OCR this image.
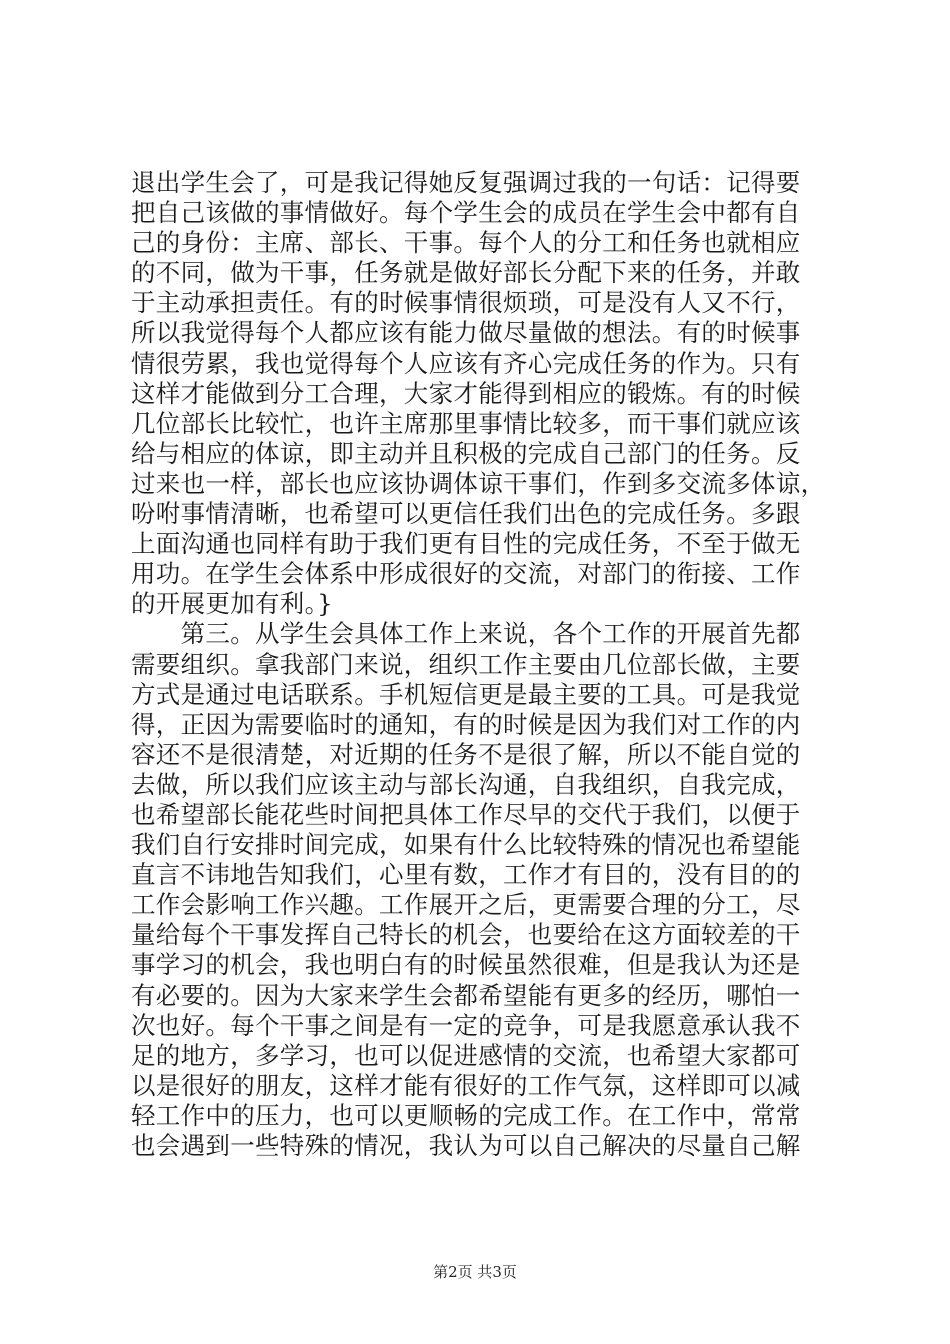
退出学生会了，可是我记得她反复强调过我的一句话：记得要
把自己该做的事情做好。每个学生会的成员在学生会中都有自
己的身份：主席、部长、干事。每个人的分工和任务也就相应
的不同，做为干事，任务就是做好部长分配下来的任务，并敢
于主动承担责任。有的时候事情很烦琐，可是没有人又不行，
所以我觉得每个人都应该有能力做尽量做的想法。有的时候事
情很劳累，我也觉得每个人应该有齐心完成任务的作为。只有
这样才能做到分工合理，大家才能得到相应的锻炼。有的时候
几位部长比较忙，也许主席那里事情比较多，而干事们就应该
给与相应的体谅，即主动并且积极的完成自己部门的任务。反
过来也一样，部长也应该协调体谅干事们，作到多交流多体谅，
吩咐事情清晰，也希望可以更信任我们出色的完成任务。多跟
上面沟通也同样有助于我们更有目性的完成任务，不至于做无
用功。在学生会体系中形成很好的交流，对部门的衔接、工作
的开展更加有利。}
　　第三。从学生会具体工作上来说，各个工作的开展首先都
需要组织。拿我部门来说，组织工作主要由几位部长做，主要
方式是通过电话联系。手机短信更是最主要的工具。可是我觉
得，正因为需要临时的通知，有的时候是因为我们对工作的内
容还不是很清楚，对近期的任务不是很了解，所以不能自觉的
去做，所以我们应该主动与部长沟通，自我组织，自我完成，
也希望部长能花些时间把具体工作尽早的交代于我们，以便于
我们自行安排时间完成，如果有什么比较特殊的情况也希望能
直言不讳地告知我们，心里有数，工作才有目的，没有目的的
工作会影响工作兴趣。工作展开之后，更需要合理的分工，尽
量给每个干事发挥自己特长的机会，也要给在这方面较差的干
事学习的机会，我也明白有的时候虽然很难，但是我认为还是
有必要的。因为大家来学生会都希望能有更多的经历，哪怕一
次也好。每个干事之间是有一定的竞争，可是我愿意承认我不
足的地方，多学习，也可以促进感情的交流，也希望大家都可
以是很好的朋友，这样才能有很好的工作气氛，这样即可以减
轻工作中的压力，也可以更顺畅的完成工作。在工作中，常常
也会遇到一些特殊的情况，我认为可以自己解决的尽量自己解
第2页 共3页
